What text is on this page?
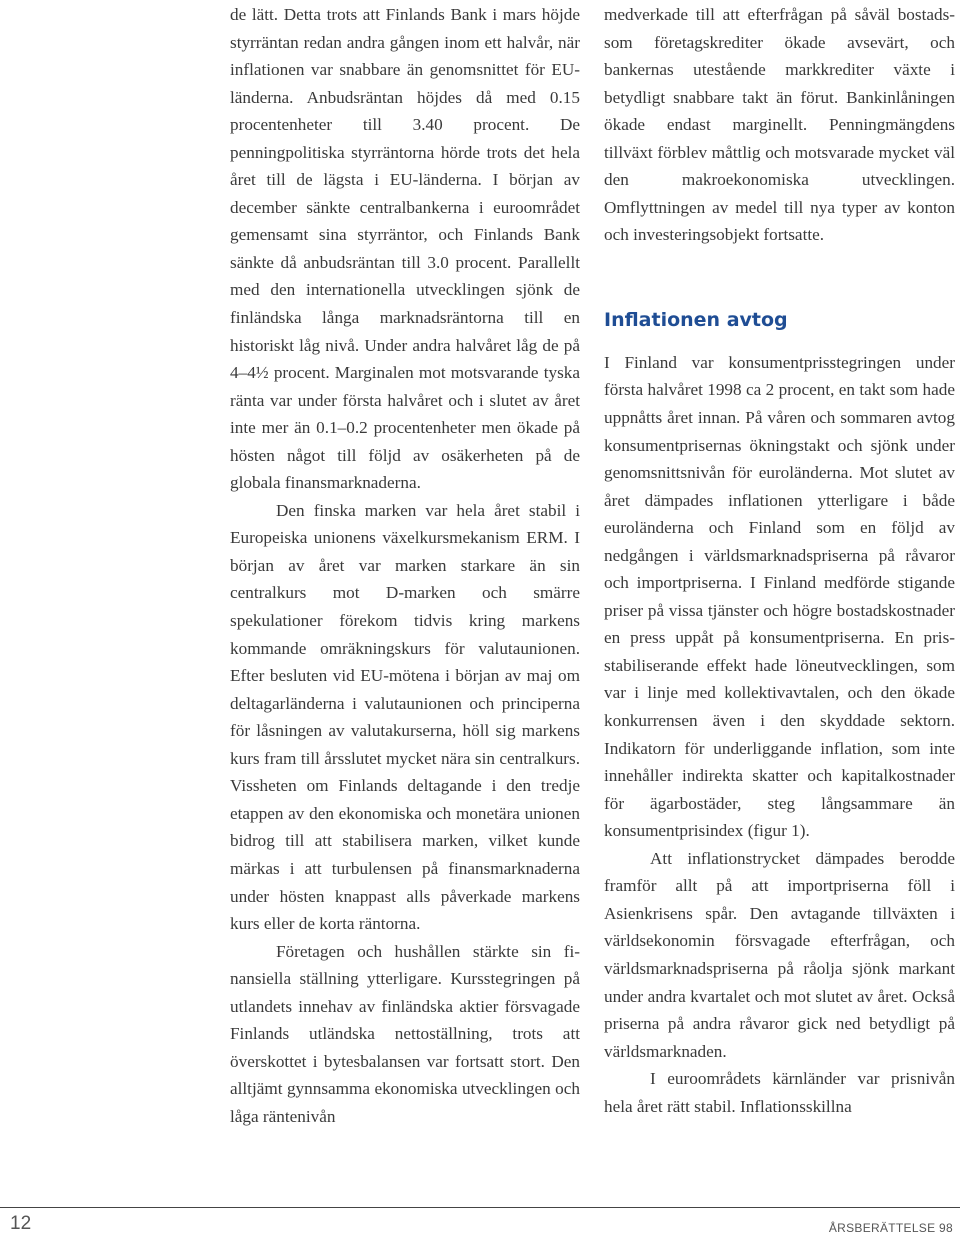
de lätt. Detta trots att Finlands Bank i mars höjde styrräntan redan andra gången inom ett halvår, när inflationen var snabbare än genomsnittet för EU-länderna. Anbudsräntan höjdes då med 0.15 procentenheter till 3.40 procent. De penningpolitiska styrräntorna hörde trots det hela året till de lägsta i EU-länderna. I början av december sänkte centralbankerna i euroområdet gemensamt sina styrräntor, och Finlands Bank sänkte då anbudsräntan till 3.0 procent. Parallellt med den internationella utvecklingen sjönk de finländska långa marknadsräntorna till en historiskt låg nivå. Under andra halvåret låg de på 4–4½ procent. Marginalen mot motsvarande tyska ränta var under första halvåret och i slutet av året inte mer än 0.1–0.2 procentenheter men ökade på hösten något till följd av osäkerheten på de globala finansmarknaderna.

Den finska marken var hela året stabil i Europeiska unionens växelkursmekanism ERM. I början av året var marken starkare än sin centralkurs mot D-marken och smärre spekulationer förekom tidvis kring markens kommande omräkningskurs för valutaunionen. Efter besluten vid EU-mötena i början av maj om deltagarländerna i valutaunionen och principerna för låsningen av valutakurserna, höll sig markens kurs fram till årsslutet mycket nära sin centralkurs. Vissheten om Finlands deltagande i den tredje etappen av den ekonomiska och monetära unionen bidrog till att stabilisera marken, vilket kunde märkas i att turbulensen på finansmarknaderna under hösten knappast alls påverkade markens kurs eller de korta räntorna.

Företagen och hushållen stärkte sin finansiella ställning ytterligare. Kursstegringen på utlandets innehav av finländska aktier försvagade Finlands utländska nettoställning, trots att överskottet i bytesbalansen var fortsatt stort. Den alltjämt gynnsamma ekonomiska utvecklingen och låga räntenivån

medverkade till att efterfrågan på såväl bostads- som företagskrediter ökade avsevärt, och bankernas utestående markkrediter växte i betydligt snabbare takt än förut. Bankinlåningen ökade endast marginellt. Penningmängdens tillväxt förblev måttlig och motsvarade mycket väl den makroekonomiska utvecklingen. Omflyttningen av medel till nya typer av konton och investeringsobjekt fortsatte.

Inflationen avtog

I Finland var konsumentprisstegringen under första halvåret 1998 ca 2 procent, en takt som hade uppnåtts året innan. På våren och sommaren avtog konsumentprisernas ökningstakt och sjönk under genomsnittsnivån för euroländerna. Mot slutet av året dämpades inflationen ytterligare i både euroländerna och Finland som en följd av nedgången i världsmarknadspriserna på råvaror och importpriserna. I Finland medförde stigande priser på vissa tjänster och högre bostadskostnader en press uppåt på konsumentpriserna. En prisstabiliserande effekt hade löneutvecklingen, som var i linje med kollektivavtalen, och den ökade konkurrensen även i den skyddade sektorn. Indikatorn för underliggande inflation, som inte innehåller indirekta skatter och kapitalkostnader för ägarbostäder, steg långsammare än konsumentprisindex (figur 1).

Att inflationstrycket dämpades berodde framför allt på att importpriserna föll i Asienkrisens spår. Den avtagande tillväxten i världsekonomin försvagade efterfrågan, och världsmarknadspriserna på råolja sjönk markant under andra kvartalet och mot slutet av året. Också priserna på andra råvaror gick ned betydligt på världsmarknaden.

I euroområdets kärnländer var prisnivån hela året rätt stabil. Inflationsskillna

12	ÅRSBERÄTTELSE 98
